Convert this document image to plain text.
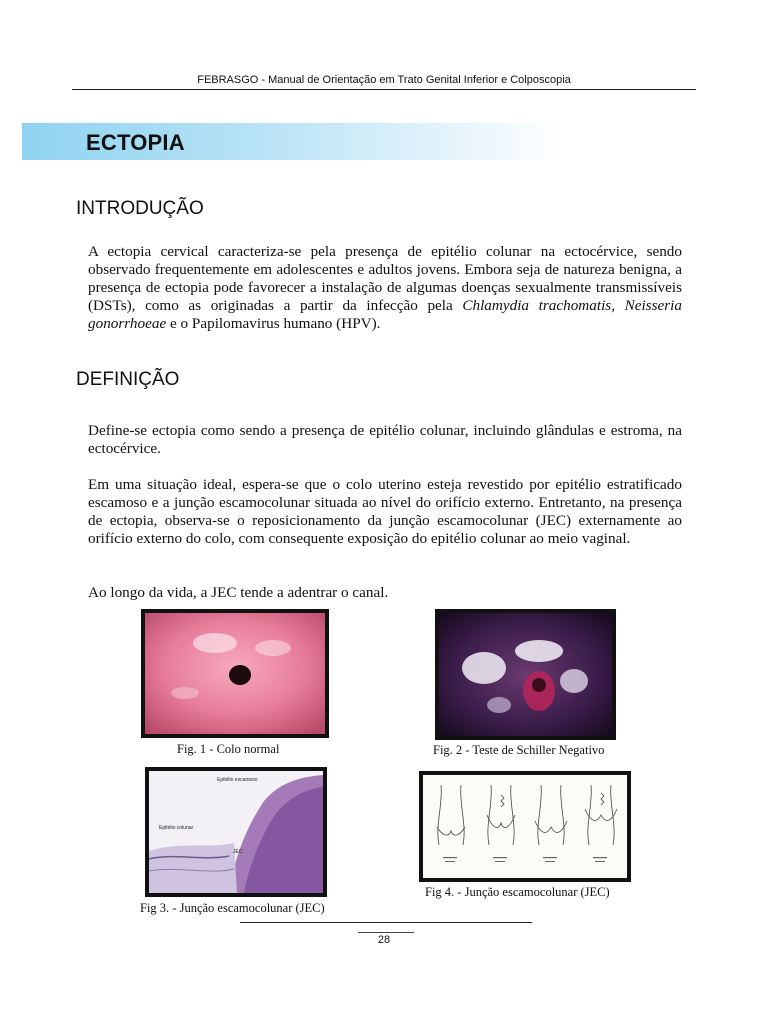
FEBRASGO - Manual de Orientação em Trato Genital Inferior e Colposcopia
ECTOPIA
INTRODUÇÃO

A ectopia cervical caracteriza-se pela presença de epitélio colunar na ectocérvice, sendo observado frequentemente em adolescentes e adultos jovens. Embora seja de natureza benigna, a presença de ectopia pode favorecer a instalação de algumas doenças sexualmente transmissíveis (DSTs), como as originadas a partir da infecção pela Chlamydia trachomatis, Neisseria gonorrhoeae e o Papilomavirus humano (HPV).

DEFINIÇÃO

Define-se ectopia como sendo a presença de epitélio colunar, incluindo glândulas e estroma, na ectocérvice.

Em uma situação ideal, espera-se que o colo uterino esteja revestido por epitélio estratificado escamoso e a junção escamocolunar situada ao nível do orifício externo. Entretanto, na presença de ectopia, observa-se o reposicionamento da junção escamocolunar (JEC) externamente ao orifício externo do colo, com consequente exposição do epitélio colunar ao meio vaginal.

Ao longo da vida, a JEC tende a adentrar o canal.

Fig. 1 - Colo normal	Fig. 2 - Teste de Schiller Negativo
Epitélio escamoso
Epitélio colunar
JEC
Fig 3. - Junção escamocolunar (JEC)
Fig 4. - Junção escamocolunar (JEC)
28
